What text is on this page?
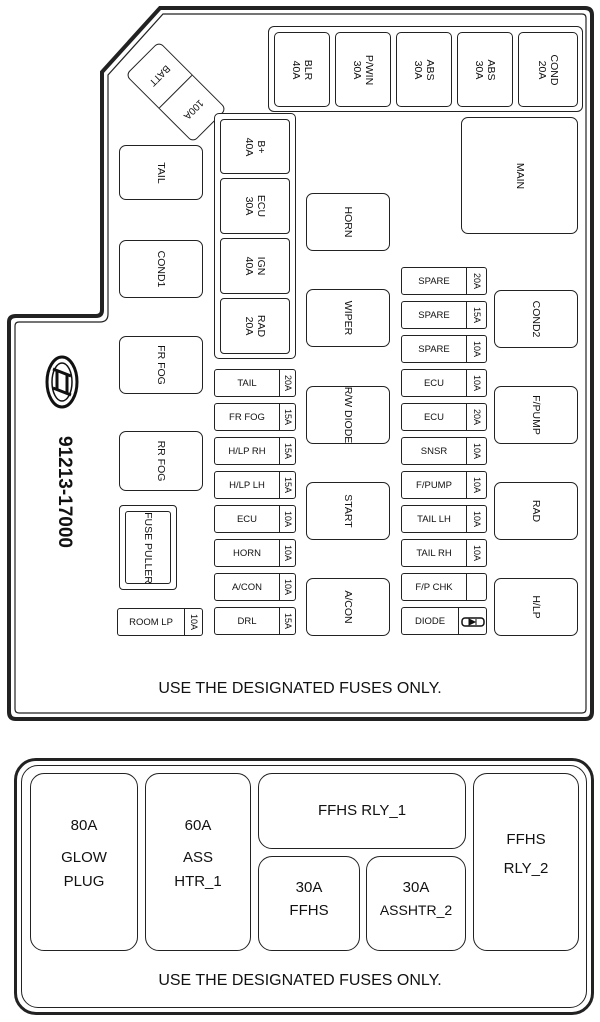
BATT
100A
BLR
40A	P/WIN
30A	ABS
30A	ABS
30A	COND
20A
TAIL
COND1
FR FOG
RR FOG
91213-17000	FUSE PULLER
ROOM LP	10A
B+
40A
ECU
30A
IGN
40A
RAD
20A
TAIL	20A
FR FOG	15A
H/LP RH	15A
H/LP LH	15A
ECU	10A
HORN	10A
A/CON	10A
DRL	15A
HORN
WIPER
R/W DIODE
START
A/CON
SPARE	20A
SPARE	15A
SPARE	10A
ECU	10A
ECU	20A
SNSR	10A
F/PUMP	10A
TAIL LH	10A
TAIL RH	10A
F/P CHK
DIODE
MAIN
COND2
F/PUMP
RAD
H/LP
USE THE DESIGNATED FUSES ONLY.
80A
GLOW
PLUG
60A
ASS
HTR_1
FFHS RLY_1
30A
FFHS
30A
ASSHTR_2
FFHS
RLY_2
USE THE DESIGNATED FUSES ONLY.
